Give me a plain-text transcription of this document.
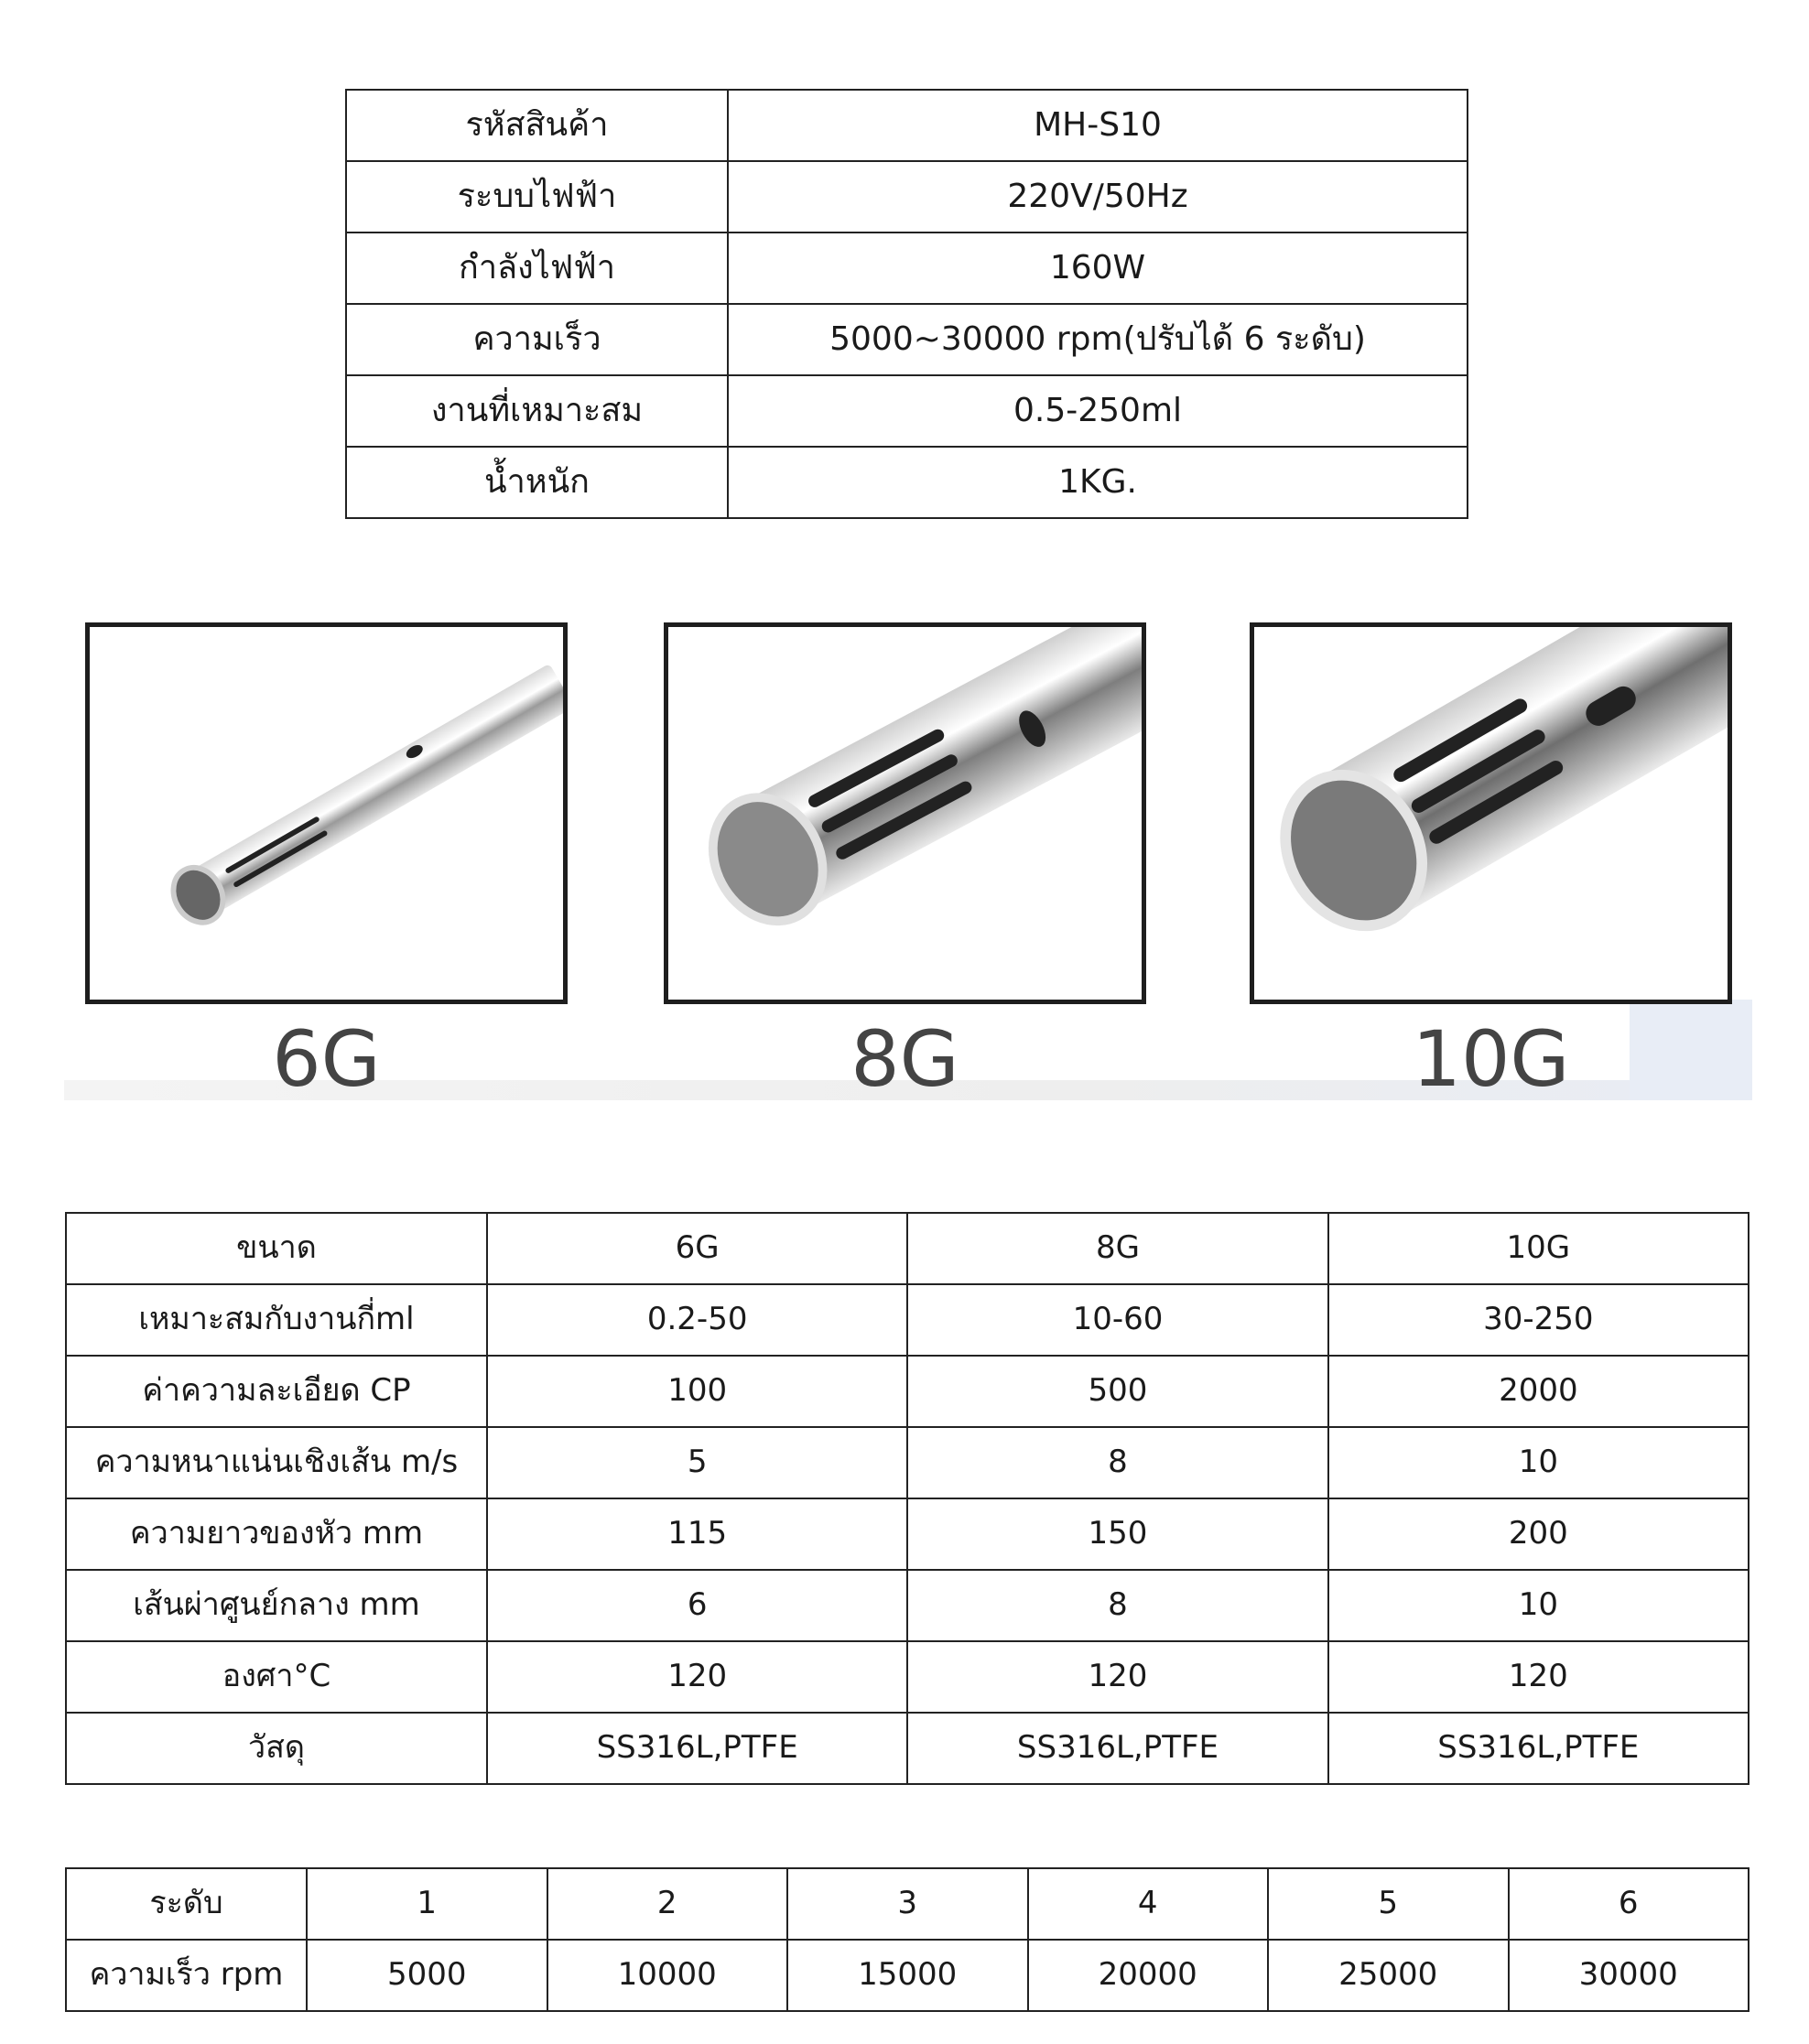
รหัสสินค้า	MH-S10
ระบบไฟฟ้า	220V/50Hz
กำลังไฟฟ้า	160W
ความเร็ว	5000~30000 rpm(ปรับได้ 6 ระดับ)
งานที่เหมาะสม	0.5-250ml
น้ำหนัก	1KG.
6G	8G	10G
ขนาด	6G	8G	10G
เหมาะสมกับงานกี่ml	0.2-50	10-60	30-250
ค่าความละเอียด CP	100	500	2000
ความหนาแน่นเชิงเส้น m/s	5	8	10
ความยาวของหัว mm	115	150	200
เส้นผ่าศูนย์กลาง mm	6	8	10
องศา°C	120	120	120
วัสดุ	SS316L,PTFE	SS316L,PTFE	SS316L,PTFE
ระดับ	1	2	3	4	5	6
ความเร็ว rpm	5000	10000	15000	20000	25000	30000
